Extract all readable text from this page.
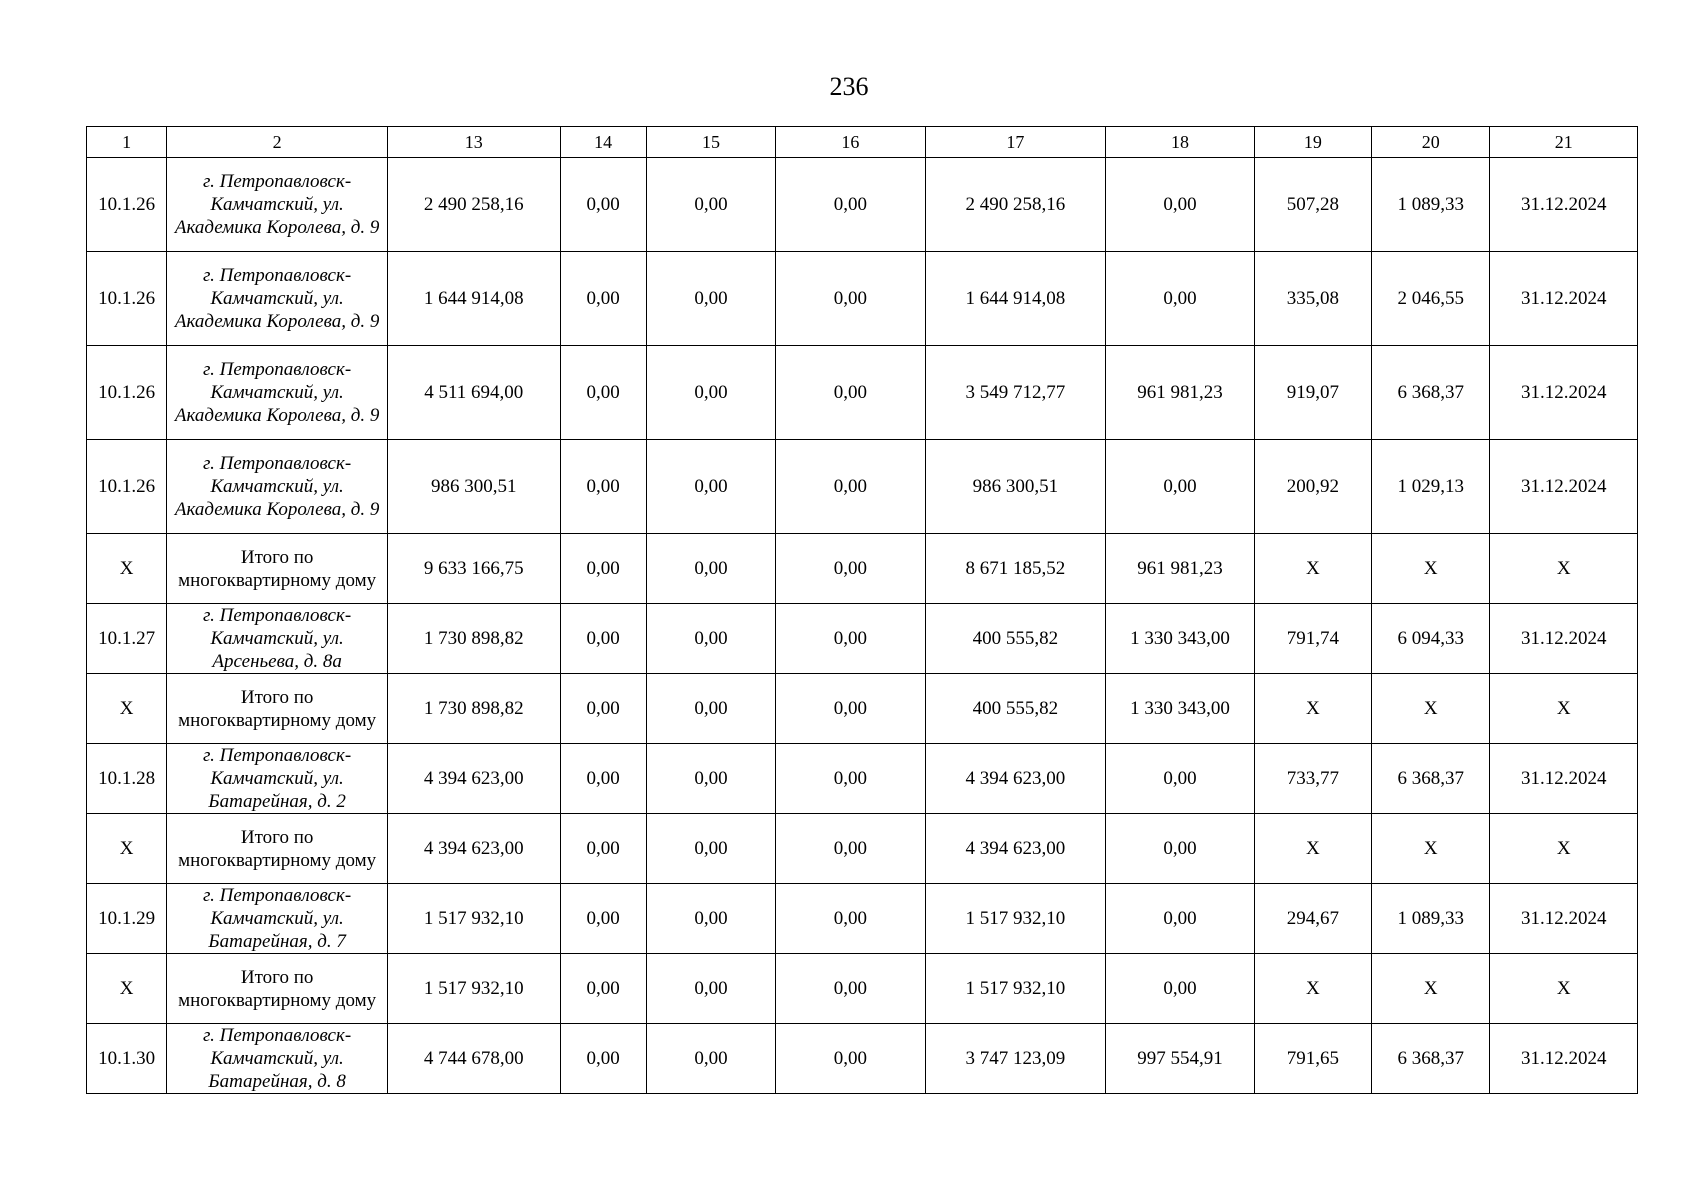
236
1	2	13	14	15	16	17	18	19	20	21
10.1.26	г. Петропавловск-Камчатский, ул. Академика Королева, д. 9	2 490 258,16	0,00	0,00	0,00	2 490 258,16	0,00	507,28	1 089,33	31.12.2024
10.1.26	г. Петропавловск-Камчатский, ул. Академика Королева, д. 9	1 644 914,08	0,00	0,00	0,00	1 644 914,08	0,00	335,08	2 046,55	31.12.2024
10.1.26	г. Петропавловск-Камчатский, ул. Академика Королева, д. 9	4 511 694,00	0,00	0,00	0,00	3 549 712,77	961 981,23	919,07	6 368,37	31.12.2024
10.1.26	г. Петропавловск-Камчатский, ул. Академика Королева, д. 9	986 300,51	0,00	0,00	0,00	986 300,51	0,00	200,92	1 029,13	31.12.2024
X	Итого по многоквартирному дому	9 633 166,75	0,00	0,00	0,00	8 671 185,52	961 981,23	X	X	X
10.1.27	г. Петропавловск-Камчатский, ул. Арсеньева, д. 8а	1 730 898,82	0,00	0,00	0,00	400 555,82	1 330 343,00	791,74	6 094,33	31.12.2024
X	Итого по многоквартирному дому	1 730 898,82	0,00	0,00	0,00	400 555,82	1 330 343,00	X	X	X
10.1.28	г. Петропавловск-Камчатский, ул. Батарейная, д. 2	4 394 623,00	0,00	0,00	0,00	4 394 623,00	0,00	733,77	6 368,37	31.12.2024
X	Итого по многоквартирному дому	4 394 623,00	0,00	0,00	0,00	4 394 623,00	0,00	X	X	X
10.1.29	г. Петропавловск-Камчатский, ул. Батарейная, д. 7	1 517 932,10	0,00	0,00	0,00	1 517 932,10	0,00	294,67	1 089,33	31.12.2024
X	Итого по многоквартирному дому	1 517 932,10	0,00	0,00	0,00	1 517 932,10	0,00	X	X	X
10.1.30	г. Петропавловск-Камчатский, ул. Батарейная, д. 8	4 744 678,00	0,00	0,00	0,00	3 747 123,09	997 554,91	791,65	6 368,37	31.12.2024
